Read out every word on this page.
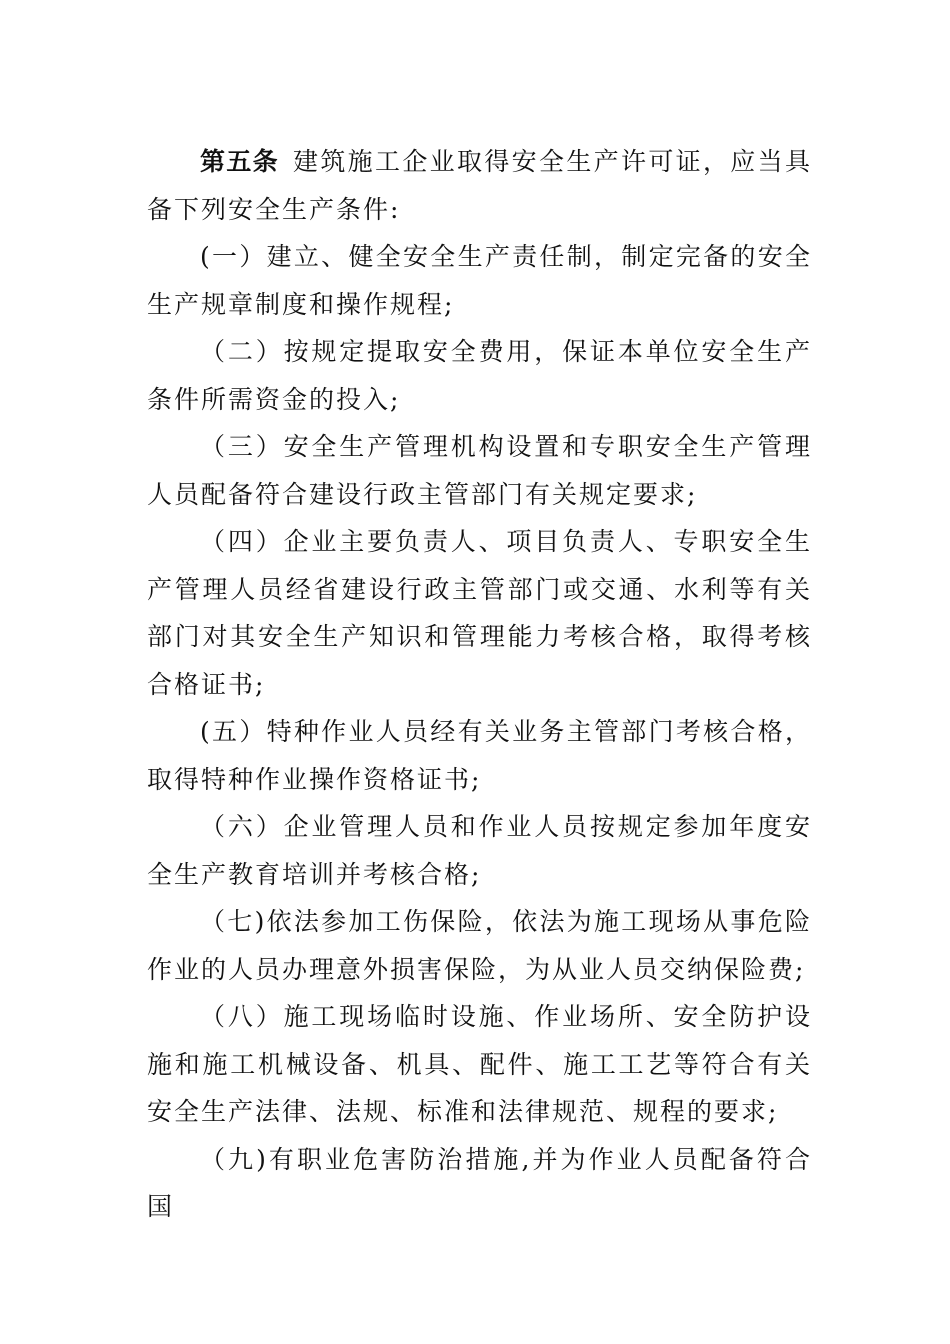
第五条 建筑施工企业取得安全生产许可证，应当具备下列安全生产条件:

(一）建立、健全安全生产责任制，制定完备的安全生产规章制度和操作规程;

（二）按规定提取安全费用，保证本单位安全生产条件所需资金的投入;

（三）安全生产管理机构设置和专职安全生产管理人员配备符合建设行政主管部门有关规定要求;

（四）企业主要负责人、项目负责人、专职安全生产管理人员经省建设行政主管部门或交通、水利等有关部门对其安全生产知识和管理能力考核合格，取得考核合格证书;

(五）特种作业人员经有关业务主管部门考核合格，取得特种作业操作资格证书;

（六）企业管理人员和作业人员按规定参加年度安全生产教育培训并考核合格;

（七)依法参加工伤保险，依法为施工现场从事危险作业的人员办理意外损害保险，为从业人员交纳保险费;

（八）施工现场临时设施、作业场所、安全防护设施和施工机械设备、机具、配件、施工工艺等符合有关安全生产法律、法规、标准和法律规范、规程的要求;

（九)有职业危害防治措施,并为作业人员配备符合国
